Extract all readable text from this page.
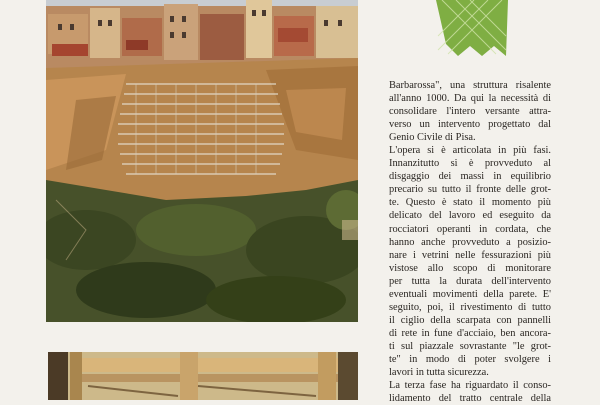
Barbarossa", una struttura risalente
all'anno 1000. Da qui la necessità di
consolidare l'intero versante attra-
verso un intervento progettato dal
Genio Civile di Pisa.
L'opera si è articolata in più fasi.
Innanzitutto si è provveduto al
disgaggio dei massi in equilibrio
precario su tutto il fronte delle grot-
te. Questo è stato il momento più
delicato del lavoro ed eseguito da
rocciatori operanti in cordata, che
hanno anche provveduto a posizio-
nare i vetrini nelle fessurazioni più
vistose allo scopo di monitorare
per tutta la durata dell'intervento
eventuali movimenti della parete. E'
seguito, poi, il rivestimento di tutto
il ciglio della scarpata con pannelli
di rete in fune d'acciaio, ben ancora-
ti sul piazzale sovrastante "le grot-
te" in modo di poter svolgere i
lavori in tutta sicurezza.
La terza fase ha riguardato il conso-
lidamento del tratto centrale della
